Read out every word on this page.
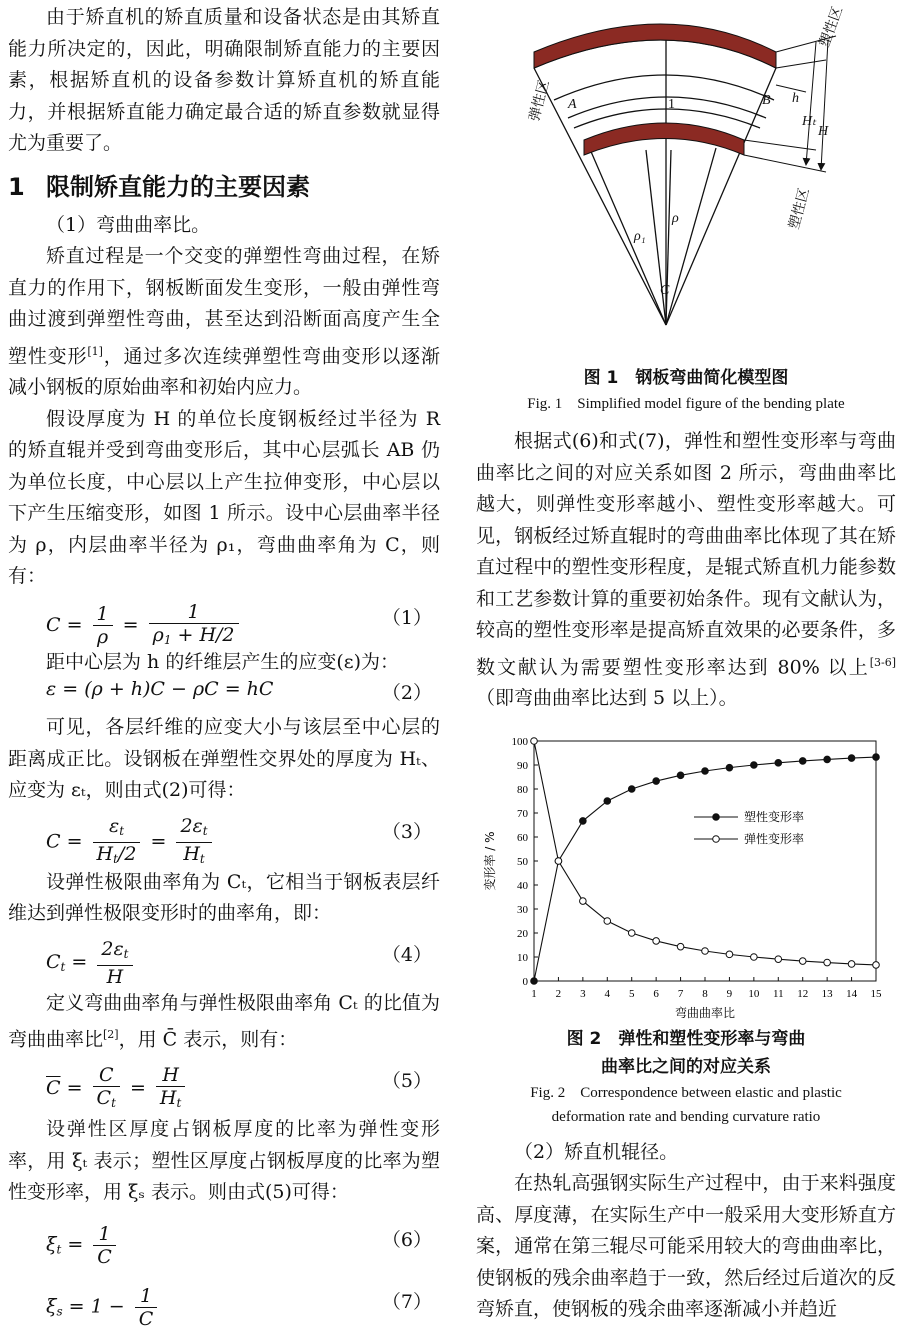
由于矫直机的矫直质量和设备状态是由其矫直能力所决定的，因此，明确限制矫直能力的主要因素，根据矫直机的设备参数计算矫直机的矫直能力，并根据矫直能力确定最合适的矫直参数就显得尤为重要了。

1 限制矫直能力的主要因素

（1）弯曲曲率比。

矫直过程是一个交变的弹塑性弯曲过程，在矫直力的作用下，钢板断面发生变形，一般由弹性弯曲过渡到弹塑性弯曲，甚至达到沿断面高度产生全塑性变形[1]，通过多次连续弹塑性弯曲变形以逐渐减小钢板的原始曲率和初始内应力。

假设厚度为 H 的单位长度钢板经过半径为 R 的矫直辊并受到弯曲变形后，其中心层弧长 AB 仍为单位长度，中心层以上产生拉伸变形，中心层以下产生压缩变形，如图 1 所示。设中心层曲率半径为 ρ，内层曲率半径为 ρ₁，弯曲曲率角为 C，则有：

$C = \frac{1}{\rho} = \frac{1}{\rho_1 + H/2}$	（1）

距中心层为 h 的纤维层产生的应变(ε)为：

ε = (ρ + h)C − ρC = hC	（2）

可见，各层纤维的应变大小与该层至中心层的距离成正比。设钢板在弹塑性交界处的厚度为 Hₜ、应变为 εₜ，则由式(2)可得：

$C = \frac{\varepsilon_t}{H_t/2} = \frac{2\varepsilon_t}{H_t}$	（3）

设弹性极限曲率角为 Cₜ，它相当于钢板表层纤维达到弹性极限变形时的曲率角，即：

$C_t = \frac{2\varepsilon_t}{H}$	（4）

定义弯曲曲率角与弹性极限曲率角 Cₜ 的比值为弯曲曲率比[2]，用 C̄ 表示，则有：

$\overline{C} = \frac{C}{C_t} = \frac{H}{H_t}$	（5）

设弹性区厚度占钢板厚度的比率为弹性变形率，用 ξₜ 表示；塑性区厚度占钢板厚度的比率为塑性变形率，用 ξₛ 表示。则由式(5)可得：

$\xi_t = \frac{1}{C}$	（6）
$\xi_s = 1 - \frac{1}{C}$	（7）
塑性区
弹性区
塑性区
A	B
1	h
Hₜ
H
ρ₁
ρ
C
图 1　钢板弯曲简化模型图
Fig. 1　Simplified model figure of the bending plate

根据式(6)和式(7)，弹性和塑性变形率与弯曲曲率比之间的对应关系如图 2 所示，弯曲曲率比越大，则弹性变形率越小、塑性变形率越大。可见，钢板经过矫直辊时的弯曲曲率比体现了其在矫直过程中的塑性变形程度，是辊式矫直机力能参数和工艺参数计算的重要初始条件。现有文献认为，较高的塑性变形率是提高矫直效果的必要条件，多数文献认为需要塑性变形率达到 80% 以上[3-6]（即弯曲曲率比达到 5 以上）。

0
10
20
30
40
50
60
70
80
90
100
1 2 3 4 5 6 7 8 9 10 11 12 13 14 15
弯曲曲率比
变形率 / %
塑性变形率
弹性变形率
图 2　弹性和塑性变形率与弯曲
曲率比之间的对应关系
Fig. 2　Correspondence between elastic and plastic
deformation rate and bending curvature ratio

（2）矫直机辊径。

在热轧高强钢实际生产过程中，由于来料强度高、厚度薄，在实际生产中一般采用大变形矫直方案，通常在第三辊尽可能采用较大的弯曲曲率比，使钢板的残余曲率趋于一致，然后经过后道次的反弯矫直，使钢板的残余曲率逐渐减小并趋近
